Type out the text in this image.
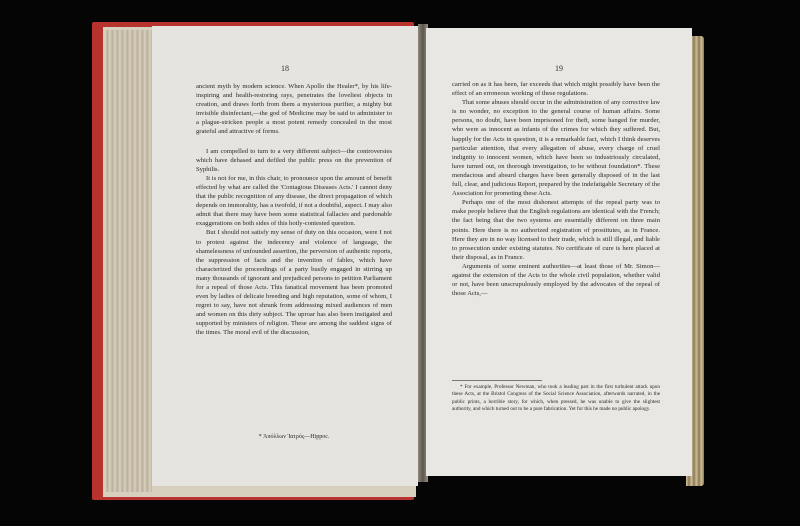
18

ancient myth by modern science. When Apollo the Healer*, by his life-inspiring and health-restoring rays, penetrates the loveliest objects in creation, and draws forth from them a mysterious purifier, a mighty but invisible disinfectant,—the god of Medicine may be said to administer to a plague-stricken people a most potent remedy concealed in the most grateful and attractive of forms.

I am compelled to turn to a very different subject—the controversies which have debased and defiled the public press on the prevention of Syphilis.

It is not for me, in this chair, to pronounce upon the amount of benefit effected by what are called the 'Contagious Diseases Acts.' I cannot deny that the public recognition of any disease, the direct propagation of which depends on immorality, has a twofold, if not a doubtful, aspect. I may also admit that there may have been some statistical fallacies and pardonable exaggerations on both sides of this hotly-contested question.

But I should not satisfy my sense of duty on this occasion, were I not to protest against the indecency and violence of language, the shamelessness of unfounded assertion, the perversion of authentic reports, the suppression of facts and the invention of fables, which have characterized the proceedings of a party busily engaged in stirring up many thousands of ignorant and prejudiced persons to petition Parliament for a repeal of those Acts. This fanatical movement has been promoted even by ladies of delicate breeding and high reputation, some of whom, I regret to say, have not shrunk from addressing mixed audiences of men and women on this dirty subject. The uproar has also been instigated and supported by ministers of religion. These are among the saddest signs of the times. The moral evil of the discussion,

* Ἀπόλλων Ἰατρός—Hippoc.
19

carried on as it has been, far exceeds that which might possibly have been the effect of an erroneous working of these regulations.

That some abuses should occur in the administration of any corrective law is no wonder, no exception to the general course of human affairs. Some persons, no doubt, have been imprisoned for theft, some hanged for murder, who were as innocent as infants of the crimes for which they suffered. But, happily for the Acts in question, it is a remarkable fact, which I think deserves particular attention, that every allegation of abuse, every charge of cruel indignity to innocent women, which have been so industriously circulated, have turned out, on thorough investigation, to be without foundation*. These mendacious and absurd charges have been generally disposed of in the last full, clear, and judicious Report, prepared by the indefatigable Secretary of the Association for promoting these Acts.

Perhaps one of the most dishonest attempts of the repeal party was to make people believe that the English regulations are identical with the French; the fact being that the two systems are essentially different on three main points. Here there is no authorized registration of prostitutes, as in France. Here they are in no way licensed to their trade, which is still illegal, and liable to prosecution under existing statutes. No certificate of cure is here placed at their disposal, as in France.

Arguments of some eminent authorities—at least those of Mr. Simon—against the extension of the Acts to the whole civil population, whether valid or not, have been unscrupulously employed by the advocates of the repeal of those Acts,—

* For example, Professor Newman, who took a leading part in the first turbulent attack upon these Acts, at the Bristol Congress of the Social Science Association, afterwards narrated, in the public prints, a horrible story, for which, when pressed, he was unable to give the slightest authority, and which turned out to be a pure fabrication. Yet for this he made no public apology.
